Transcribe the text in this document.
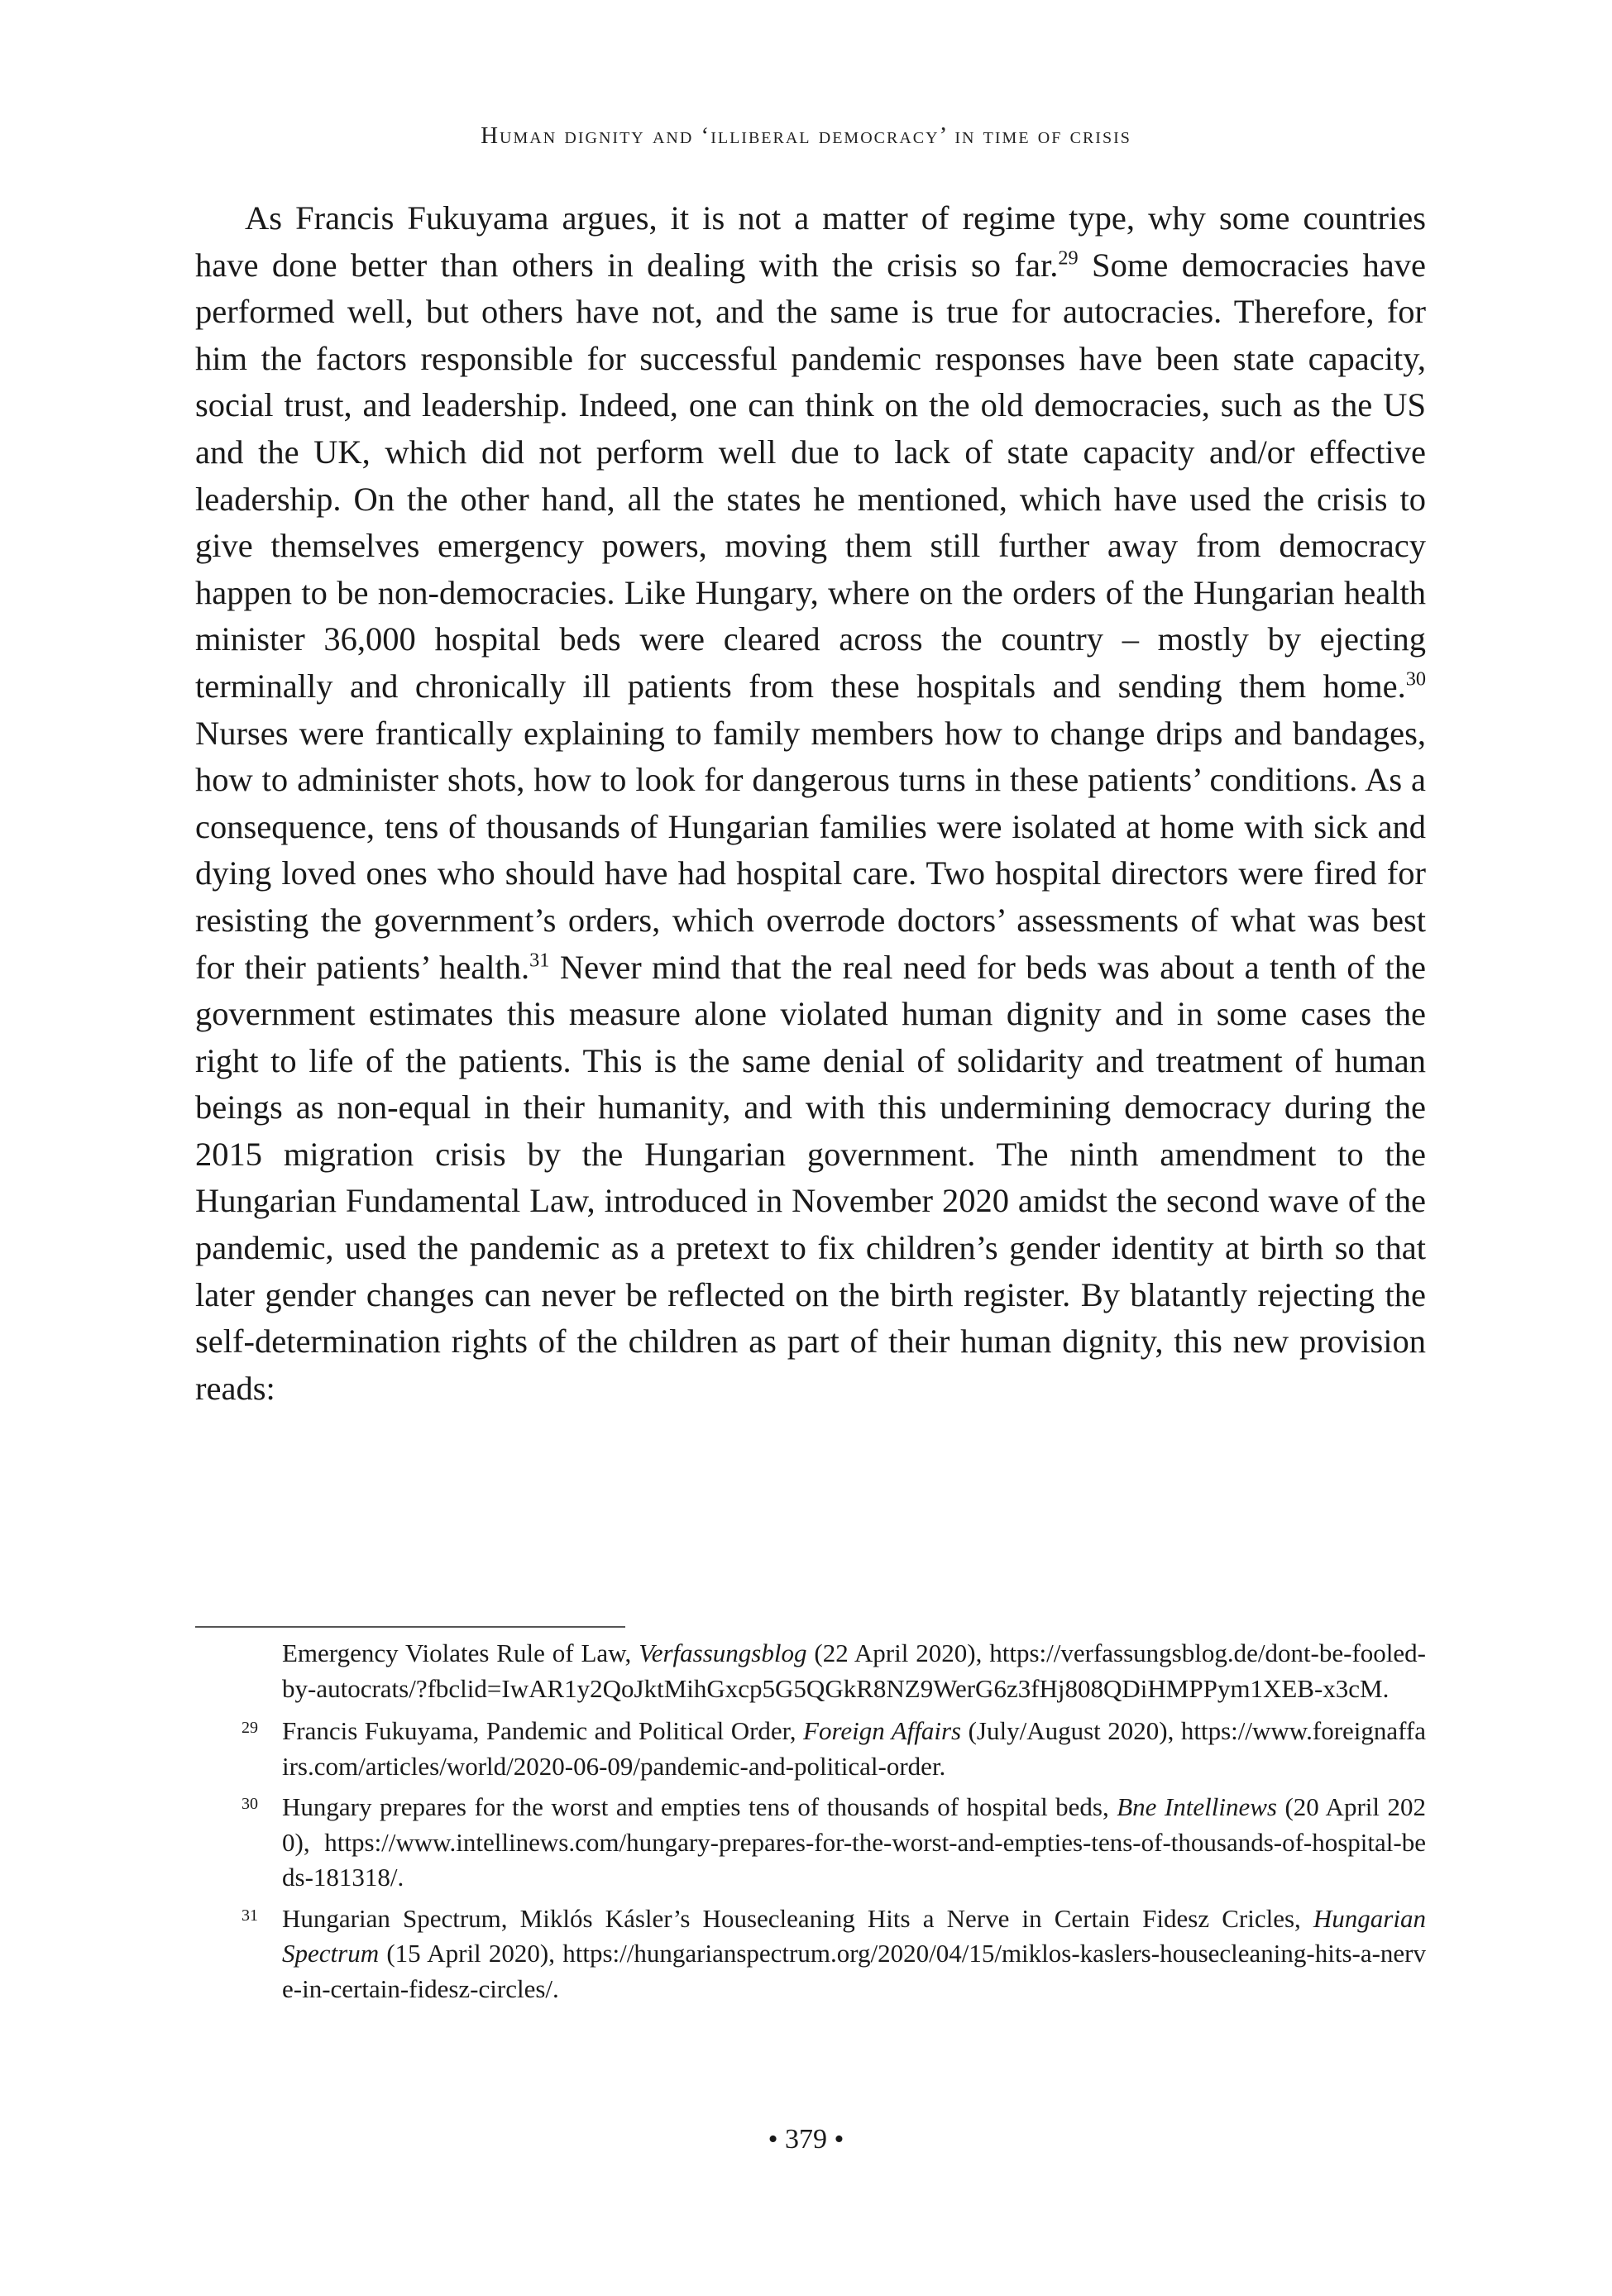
Human dignity and ‘illiberal democracy’ in time of crisis

As Francis Fukuyama argues, it is not a matter of regime type, why some countries have done better than others in dealing with the crisis so far.$^{29}$ Some democracies have performed well, but others have not, and the same is true for autocracies. Therefore, for him the factors responsible for successful pandemic responses have been state capacity, social trust, and leadership. Indeed, one can think on the old democracies, such as the US and the UK, which did not perform well due to lack of state capacity and/or effective leadership. On the other hand, all the states he mentioned, which have used the crisis to give themselves emergency powers, moving them still further away from democracy happen to be non-democracies. Like Hungary, where on the orders of the Hungarian health minister 36,000 hospital beds were cleared across the country – mostly by ejecting terminally and chronically ill patients from these hospitals and sending them home.$^{30}$ Nurses were frantically explaining to family members how to change drips and bandages, how to administer shots, how to look for dangerous turns in these patients’ conditions. As a consequence, tens of thousands of Hungarian families were isolated at home with sick and dying loved ones who should have had hospital care. Two hospital directors were fired for resisting the government’s orders, which overrode doctors’ assessments of what was best for their patients’ health.$^{31}$ Never mind that the real need for beds was about a tenth of the government estimates this measure alone violated human dignity and in some cases the right to life of the patients. This is the same denial of solidarity and treatment of human beings as non-equal in their humanity, and with this undermining democracy during the 2015 migration crisis by the Hungarian government. The ninth amendment to the Hungarian Fundamental Law, introduced in November 2020 amidst the second wave of the pandemic, used the pandemic as a pretext to fix children’s gender identity at birth so that later gender changes can never be reflected on the birth register. By blatantly rejecting the self-determination rights of the children as part of their human dignity, this new provision reads:

Emergency Violates Rule of Law, Verfassungsblog (22 April 2020), https://verfassungsblog.de/dont-be-fooled-by-autocrats/?fbclid=IwAR1y2QoJktMihGxcp5G5QGkR8NZ9WerG6z3fHj808QDiHMPPym1XEB-x3cM.
29 Francis Fukuyama, Pandemic and Political Order, Foreign Affairs (July/August 2020), https://www.foreignaffairs.com/articles/world/2020-06-09/pandemic-and-political-order.
30 Hungary prepares for the worst and empties tens of thousands of hospital beds, Bne Intellinews (20 April 2020), https://www.intellinews.com/hungary-prepares-for-the-worst-and-empties-tens-of-thousands-of-hospital-beds-181318/.
31 Hungarian Spectrum, Miklós Kásler’s Housecleaning Hits a Nerve in Certain Fidesz Cricles, Hungarian Spectrum (15 April 2020), https://hungarianspectrum.org/2020/04/15/miklos-kaslers-housecleaning-hits-a-nerve-in-certain-fidesz-circles/.
• 379 •
